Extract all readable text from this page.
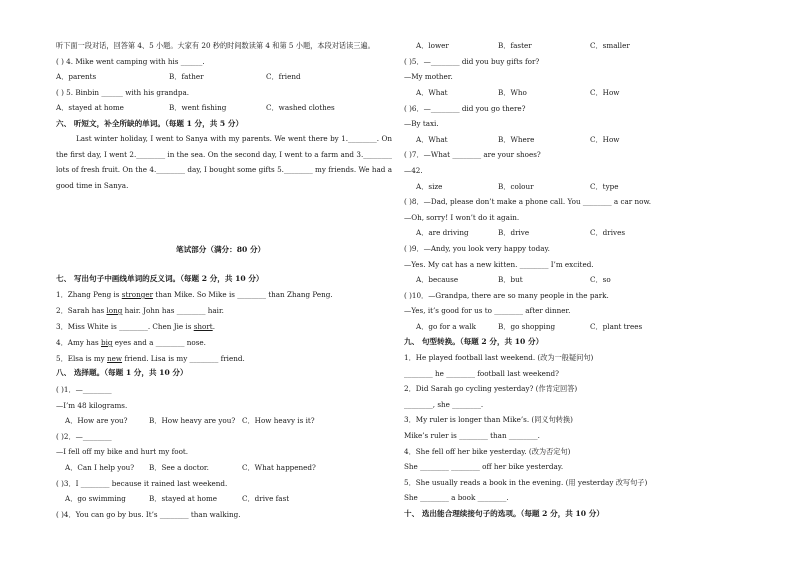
听下面一段对话，回答第 4、5 小题。大家有 20 秒的时间数读第 4 和第 5 小题，本段对话读三遍。
( ) 4. Mike went camping with his ______.
A．parents	B．father	C．friend
( ) 5. Binbin ______ with his grandpa.
A．stayed at home	B．went fishing	C．washed clothes
六、 听短文，补全所缺的单词。（每题 1 分，共 5 分）
Last winter holiday, I went to Sanya with my parents. We went there by 1.________. On the first day, I went 2.________ in the sea. On the second day, I went to a farm and 3.________ lots of fresh fruit. On the 4.________ day, I bought some gifts 5.________ my friends. We had a good time in Sanya.
笔试部分（满分：80 分）
七、 写出句子中画线单词的反义词。（每题 2 分，共 10 分）
1．Zhang Peng is stronger than Mike. So Mike is ________ than Zhang Peng.
2．Sarah has long hair. John has ________ hair.
3．Miss White is ________. Chen Jie is short.
4．Amy has big eyes and a ________ nose.
5．Elsa is my new friend. Lisa is my ________ friend.
八、 选择题。（每题 1 分，共 10 分）
( )1．—________
—I’m 48 kilograms.
A．How are you?	B．How heavy are you? C．How heavy is it?
( )2．—________
—I fell off my bike and hurt my foot.
A．Can I help you? B．See a doctor.	C．What happened?
( )3．I ________ because it rained last weekend.
A．go swimming	B．stayed at home	C．drive fast
( )4．You can go by bus. It’s ________ than walking.
A．lower	B．faster	C．smaller
( )5．—________ did you buy gifts for?
—My mother.
A．What	B．Who	C．How
( )6．—________ did you go there?
—By taxi.
A．What	B．Where	C．How
( )7．—What ________ are your shoes?
—42.
A．size	B．colour	C．type
( )8．—Dad, please don’t make a phone call. You ________ a car now.
—Oh, sorry! I won’t do it again.
A．are driving	B．drive	C．drives
( )9．—Andy, you look very happy today.
—Yes. My cat has a new kitten. ________ I’m excited.
A．because	B．but	C．so
( )10．—Grandpa, there are so many people in the park.
—Yes, it’s good for us to ________ after dinner.
A．go for a walk	B．go shopping	C．plant trees
九、 句型转换。（每题 2 分，共 10 分）
1．He played football last weekend. (改为一般疑问句)
________ he ________ football last weekend?
2．Did Sarah go cycling yesterday? (作肯定回答)
________, she ________.
3．My ruler is longer than Mike’s. (同义句转换)
Mike’s ruler is ________ than ________.
4．She fell off her bike yesterday. (改为否定句)
She ________ ________ off her bike yesterday.
5．She usually reads a book in the evening. (用 yesterday 改写句子)
She ________ a book ________.
十、 选出能合理续接句子的选项。（每题 2 分，共 10 分）
